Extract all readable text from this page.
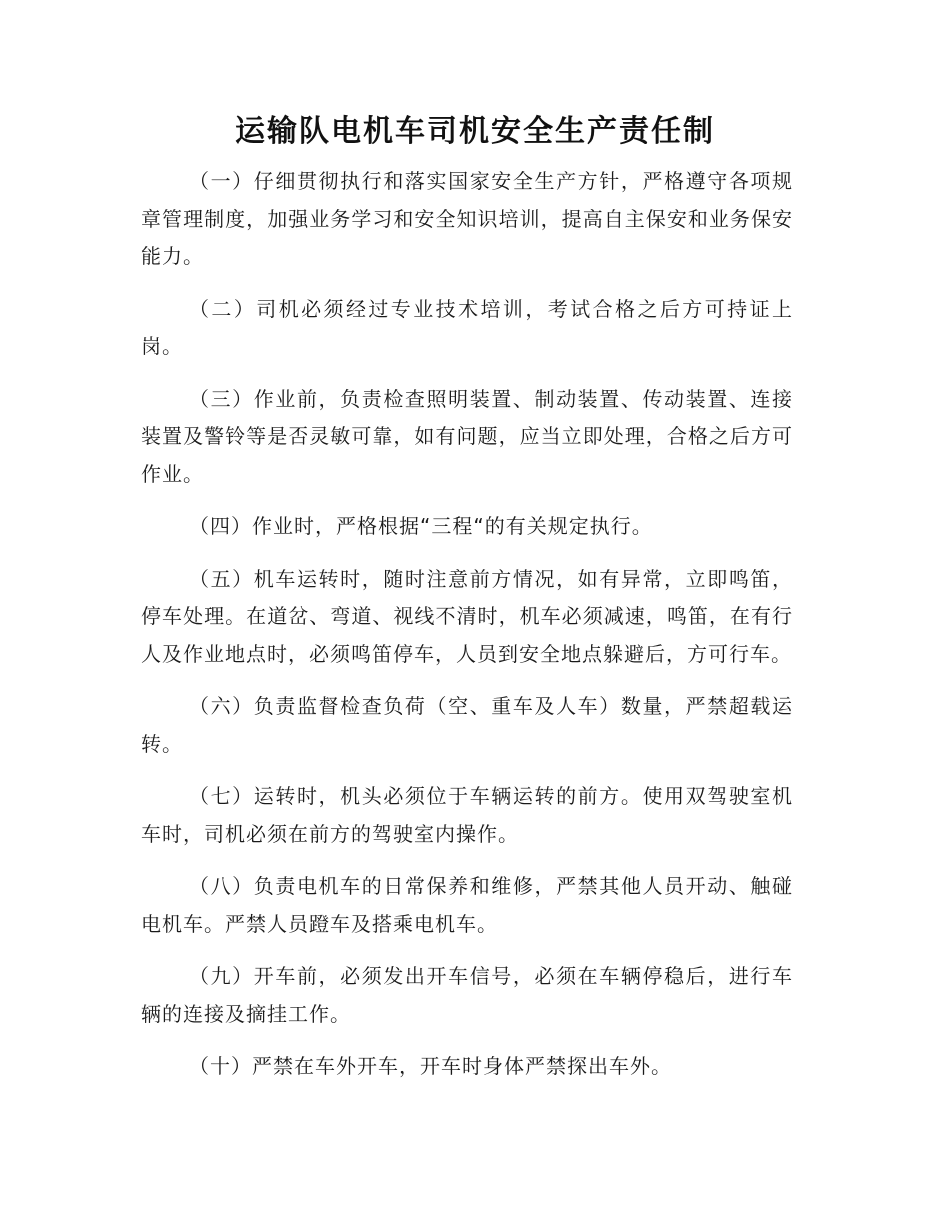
运输队电机车司机安全生产责任制

（一）仔细贯彻执行和落实国家安全生产方针，严格遵守各项规章管理制度，加强业务学习和安全知识培训，提高自主保安和业务保安能力。

（二）司机必须经过专业技术培训，考试合格之后方可持证上岗。

（三）作业前，负责检查照明装置、制动装置、传动装置、连接装置及警铃等是否灵敏可靠，如有问题，应当立即处理，合格之后方可作业。

（四）作业时，严格根据“三程“的有关规定执行。

（五）机车运转时，随时注意前方情况，如有异常，立即鸣笛，停车处理。在道岔、弯道、视线不清时，机车必须减速，鸣笛，在有行人及作业地点时，必须鸣笛停车，人员到安全地点躲避后，方可行车。

（六）负责监督检查负荷（空、重车及人车）数量，严禁超载运转。

（七）运转时，机头必须位于车辆运转的前方。使用双驾驶室机车时，司机必须在前方的驾驶室内操作。

（八）负责电机车的日常保养和维修，严禁其他人员开动、触碰电机车。严禁人员蹬车及搭乘电机车。

（九）开车前，必须发出开车信号，必须在车辆停稳后，进行车辆的连接及摘挂工作。

（十）严禁在车外开车，开车时身体严禁探出车外。
